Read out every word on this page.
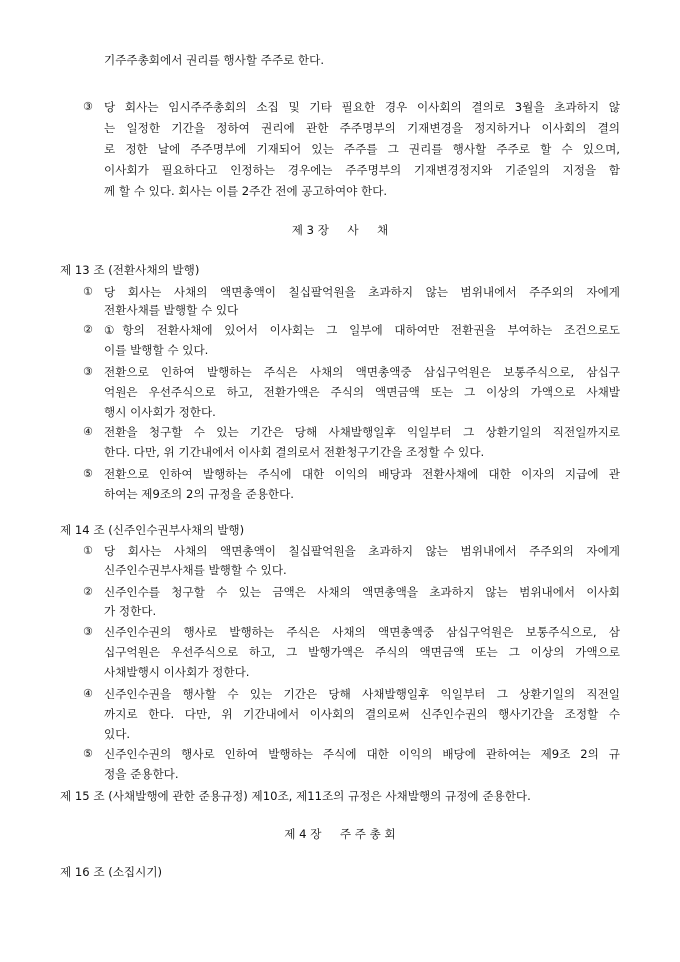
기주주총회에서 권리를 행사할 주주로 한다.
③ 당 회사는 임시주주총회의 소집 및 기타 필요한 경우 이사회의 결의로 3월을 초과하지 않
는 일정한 기간을 정하여 권리에 관한 주주명부의 기재변경을 정지하거나 이사회의 결의
로 정한 날에 주주명부에 기재되어 있는 주주를 그 권리를 행사할 주주로 할 수 있으며,
이사회가 필요하다고 인정하는 경우에는 주주명부의 기재변경정지와 기준일의 지정을 함
께 할 수 있다. 회사는 이를 2주간 전에 공고하여야 한다.
제 3 장     사     채
제 13 조 (전환사채의 발행)
① 당 회사는 사채의 액면총액이 칠십팔억원을 초과하지 않는 범위내에서 주주외의 자에게
전환사채를 발행할 수 있다
② ①항의 전환사채에 있어서 이사회는 그 일부에 대하여만 전환권을 부여하는 조건으로도
이를 발행할 수 있다.
③ 전환으로 인하여 발행하는 주식은 사채의 액면총액중 삼십구억원은 보통주식으로, 삼십구
억원은 우선주식으로 하고, 전환가액은 주식의 액면금액 또는 그 이상의 가액으로 사채발
행시 이사회가 정한다.
④ 전환을 청구할 수 있는 기간은 당해 사채발행일후 익일부터 그 상환기일의 직전일까지로
한다. 다만, 위 기간내에서 이사회 결의로서 전환청구기간을 조정할 수 있다.
⑤ 전환으로 인하여 발행하는 주식에 대한 이익의 배당과 전환사채에 대한 이자의 지급에 관
하여는 제9조의 2의 규정을 준용한다.
제 14 조 (신주인수권부사채의 발행)
① 당 회사는 사채의 액면총액이 칠십팔억원을 초과하지 않는 범위내에서 주주외의 자에게
신주인수권부사채를 발행할 수 있다.
② 신주인수를 청구할 수 있는 금액은 사채의 액면총액을 초과하지 않는 범위내에서 이사회
가 정한다.
③ 신주인수권의 행사로 발행하는 주식은 사채의 액면총액중 삼십구억원은 보통주식으로, 삼
십구억원은 우선주식으로 하고, 그 발행가액은 주식의 액면금액 또는 그 이상의 가액으로
사채발행시 이사회가 정한다.
④ 신주인수권을 행사할 수 있는 기간은 당해 사채발행일후 익일부터 그 상환기일의 직전일
까지로 한다. 다만, 위 기간내에서 이사회의 결의로써 신주인수권의 행사기간을 조정할 수
있다.
⑤ 신주인수권의 행사로 인하여 발행하는 주식에 대한 이익의 배당에 관하여는 제9조 2의 규
정을 준용한다.
제 15 조 (사채발행에 관한 준용규정) 제10조, 제11조의 규정은 사채발행의 규정에 준용한다.
제 4 장     주 주 총 회
제 16 조 (소집시기)
